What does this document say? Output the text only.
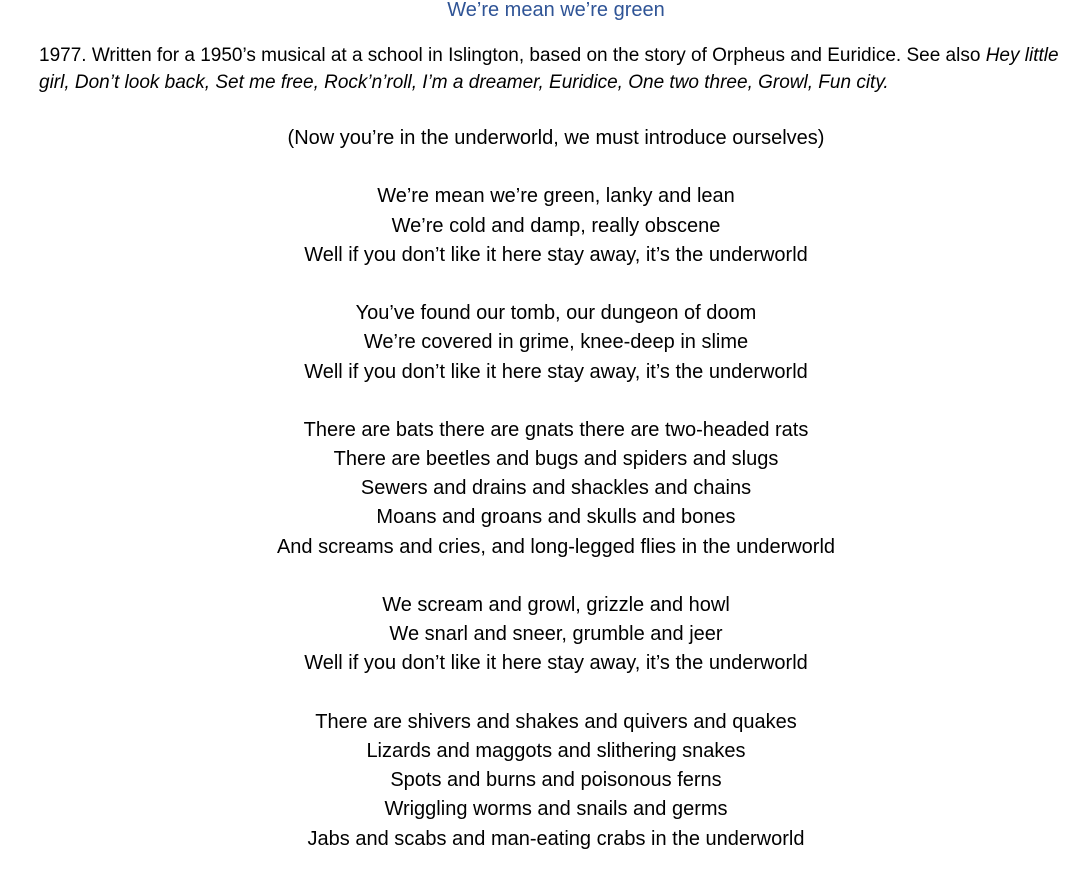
We’re mean we’re green

1977. Written for a 1950’s musical at a school in Islington, based on the story of Orpheus and Euridice. See also Hey little girl, Don’t look back, Set me free, Rock’n’roll, I’m a dreamer, Euridice, One two three, Growl, Fun city.

(Now you’re in the underworld, we must introduce ourselves)
We’re mean we’re green, lanky and lean
We’re cold and damp, really obscene
Well if you don’t like it here stay away, it’s the underworld
You’ve found our tomb, our dungeon of doom
We’re covered in grime, knee-deep in slime
Well if you don’t like it here stay away, it’s the underworld
There are bats there are gnats there are two-headed rats
There are beetles and bugs and spiders and slugs
Sewers and drains and shackles and chains
Moans and groans and skulls and bones
And screams and cries, and long-legged flies in the underworld
We scream and growl, grizzle and howl
We snarl and sneer, grumble and jeer
Well if you don’t like it here stay away, it’s the underworld
There are shivers and shakes and quivers and quakes
Lizards and maggots and slithering snakes
Spots and burns and poisonous ferns
Wriggling worms and snails and germs
Jabs and scabs and man-eating crabs in the underworld
